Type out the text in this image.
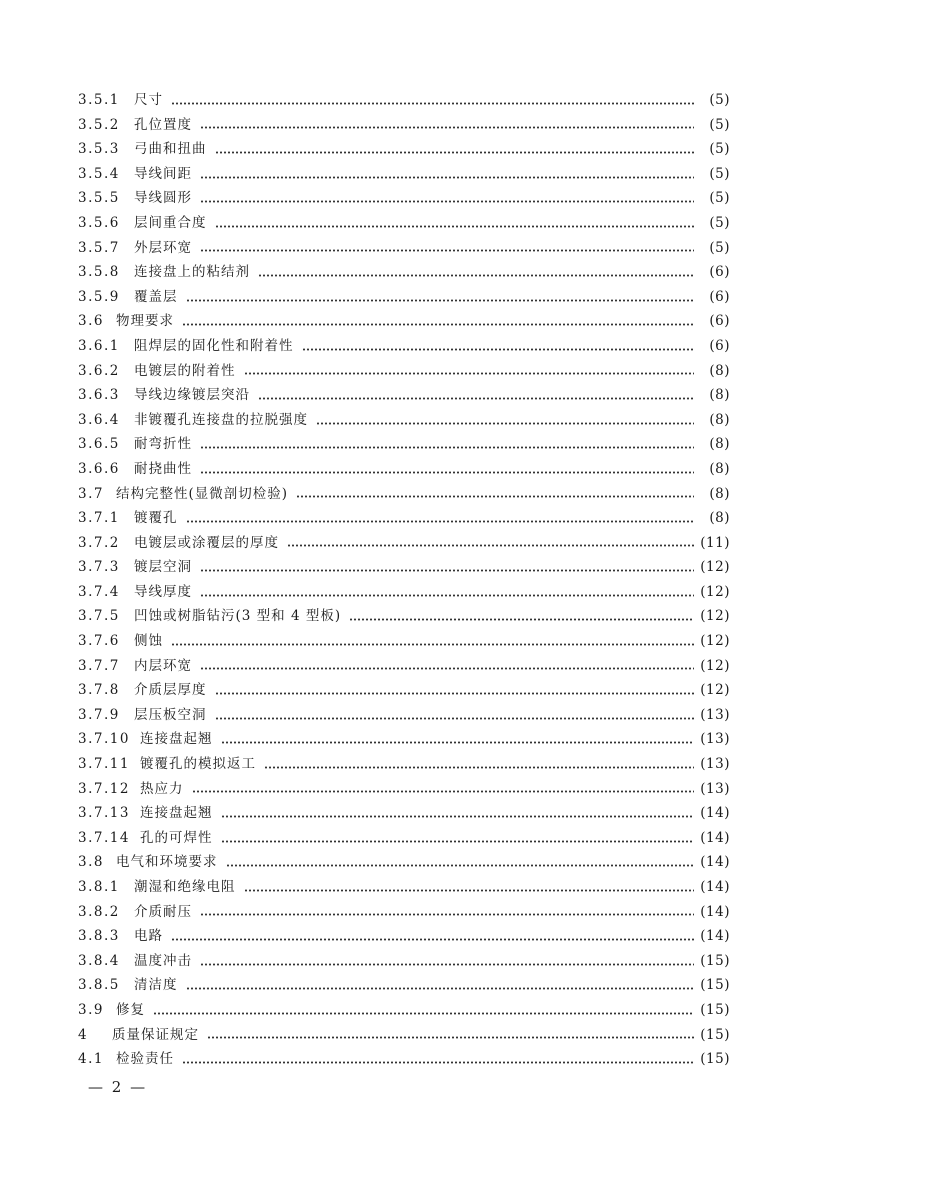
3.5.1	尺寸	(5)
3.5.2	孔位置度	(5)
3.5.3	弓曲和扭曲	(5)
3.5.4	导线间距	(5)
3.5.5	导线圆形	(5)
3.5.6	层间重合度	(5)
3.5.7	外层环宽	(5)
3.5.8	连接盘上的粘结剂	(6)
3.5.9	覆盖层	(6)
3.6 物理要求	(6)
3.6.1	阻焊层的固化性和附着性	(6)
3.6.2	电镀层的附着性	(8)
3.6.3	导线边缘镀层突沿	(8)
3.6.4	非镀覆孔连接盘的拉脱强度	(8)
3.6.5	耐弯折性	(8)
3.6.6	耐挠曲性	(8)
3.7 结构完整性(显微剖切检验)	(8)
3.7.1	镀覆孔	(8)
3.7.2	电镀层或涂覆层的厚度	(11)
3.7.3	镀层空洞	(12)
3.7.4	导线厚度	(12)
3.7.5	凹蚀或树脂钻污(3 型和 4 型板)	(12)
3.7.6	侧蚀	(12)
3.7.7	内层环宽	(12)
3.7.8	介质层厚度	(12)
3.7.9	层压板空洞	(13)
3.7.10 连接盘起翘	(13)
3.7.11 镀覆孔的模拟返工	(13)
3.7.12 热应力	(13)
3.7.13 连接盘起翘	(14)
3.7.14 孔的可焊性	(14)
3.8 电气和环境要求	(14)
3.8.1	潮湿和绝缘电阻	(14)
3.8.2	介质耐压	(14)
3.8.3	电路	(14)
3.8.4	温度冲击	(15)
3.8.5	清洁度	(15)
3.9 修复	(15)
4	质量保证规定	(15)
4.1 检验责任	(15)
— 2 —
